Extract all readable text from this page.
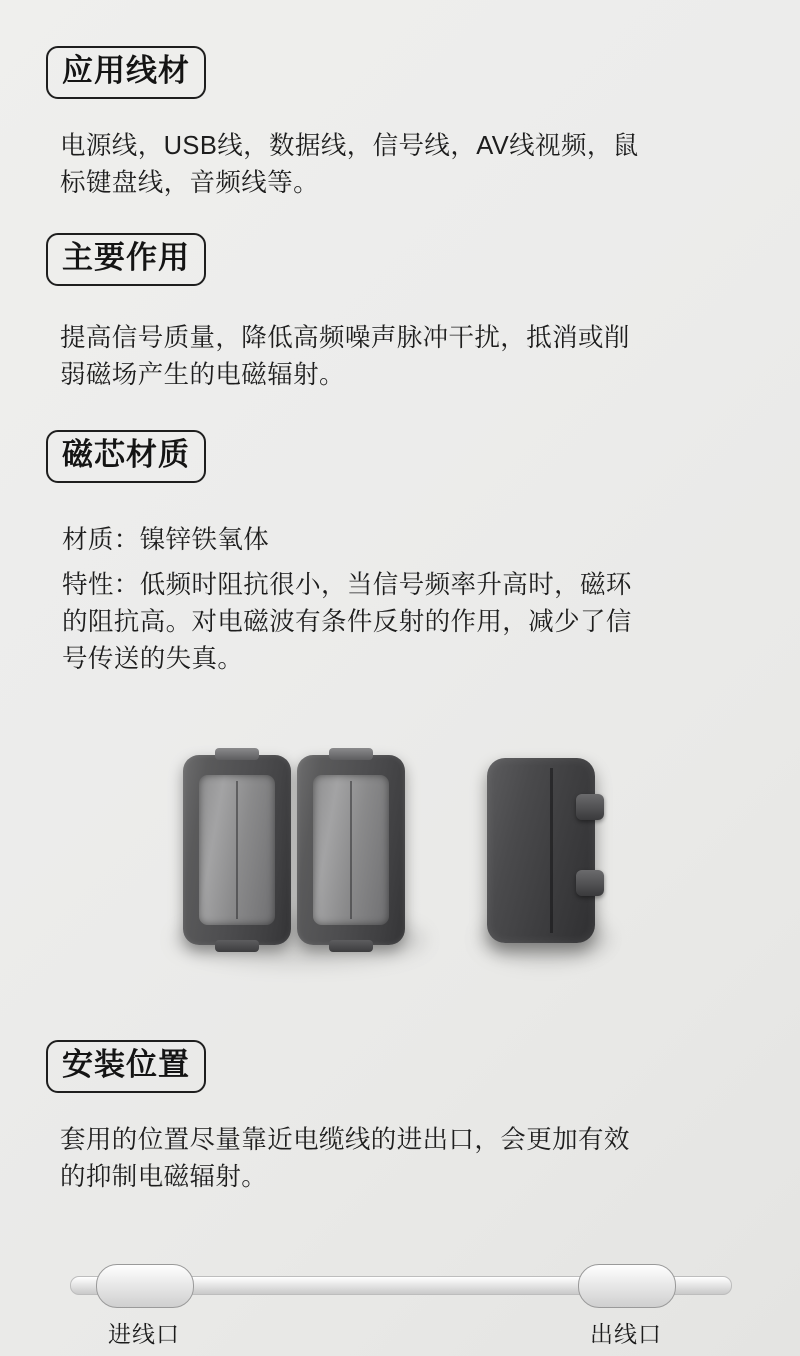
应用线材
电源线，USB线，数据线，信号线，AV线视频，鼠
标键盘线，音频线等。
主要作用
提高信号质量，降低高频噪声脉冲干扰，抵消或削
弱磁场产生的电磁辐射。
磁芯材质
材质：镍锌铁氧体
特性：低频时阻抗很小，当信号频率升高时，磁环
的阻抗高。对电磁波有条件反射的作用，减少了信
号传送的失真。
安装位置
套用的位置尽量靠近电缆线的进出口，会更加有效
的抑制电磁辐射。
进线口	出线口
